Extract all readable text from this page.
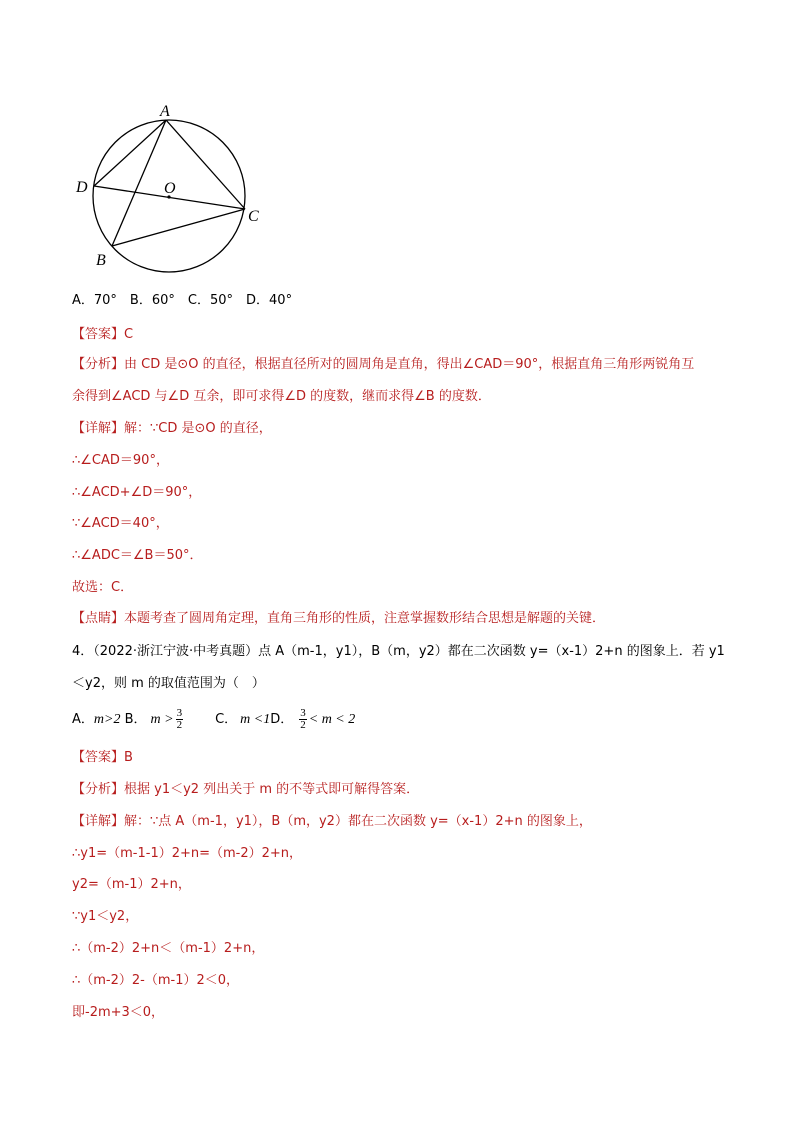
A
D	O
C
B
A．70°　B．60°　C．50°　D．40°
【答案】C
【分析】由 CD 是⊙O 的直径，根据直径所对的圆周角是直角，得出∠CAD＝90°，根据直角三角形两锐角互
余得到∠ACD 与∠D 互余，即可求得∠D 的度数，继而求得∠B 的度数．
【详解】解：∵CD 是⊙O 的直径，
∴∠CAD＝90°，
∴∠ACD+∠D＝90°，
∵∠ACD＝40°，
∴∠ADC＝∠B＝50°．
故选：C．
【点睛】本题考查了圆周角定理，直角三角形的性质，注意掌握数形结合思想是解题的关键．
4．（2022·浙江宁波·中考真题）点 A（m-1，y1），B（m，y2）都在二次函数 y=（x-1）2+n 的图象上．若 y1
＜y2，则 m 的取值范围为（　）
A．m>2 B． $m > \frac{3}{2}$ C． m <1D． $\frac{3}{2} < m < 2$
【答案】B
【分析】根据 y1＜y2 列出关于 m 的不等式即可解得答案．
【详解】解：∵点 A（m-1，y1），B（m，y2）都在二次函数 y=（x-1）2+n 的图象上，
∴y1=（m-1-1）2+n=（m-2）2+n，
y2=（m-1）2+n，
∵y1＜y2，
∴（m-2）2+n＜（m-1）2+n，
∴（m-2）2-（m-1）2＜0，
即-2m+3＜0，
